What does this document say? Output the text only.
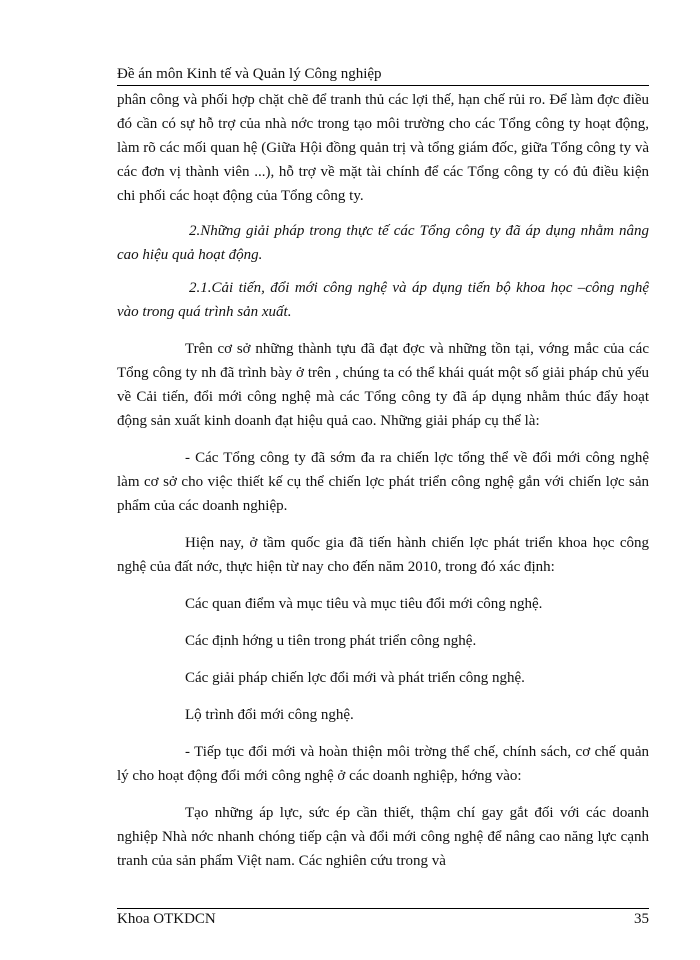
Đề án môn Kinh tế và Quản lý Công nghiệp

phân công và phối hợp chặt chẽ để tranh thủ các lợi thế, hạn chế rủi ro. Để làm đợc điều đó cần có sự hỗ trợ của nhà nớc trong tạo môi trường cho các Tổng công ty hoạt động, làm rõ các mối quan hệ (Giữa Hội đồng quản trị và tổng giám đốc, giữa Tổng công ty và các đơn vị thành viên ...), hỗ trợ về mặt tài chính để các Tổng công ty có đủ điều kiện chi phối các hoạt động của Tổng công ty.

2.Những giải pháp trong thực tế các Tổng công ty đã áp dụng nhằm nâng cao hiệu quả hoạt động.

2.1.Cải tiến, đổi mới công nghệ và áp dụng tiến bộ khoa học –công nghệ vào trong quá trình sản xuất.

Trên cơ sở những thành tựu đã đạt đợc và những tồn tại, vớng mắc của các Tổng công ty nh đã trình bày ở trên , chúng ta có thể khái quát một số giải pháp chủ yếu về Cải tiến, đổi mới công nghệ mà các Tổng công ty đã áp dụng nhằm thúc đẩy hoạt động sản xuất kinh doanh đạt hiệu quả cao. Những giải pháp cụ thể là:

- Các Tổng công ty đã sớm đa ra chiến lợc tổng thể về đổi mới công nghệ làm cơ sở cho việc thiết kế cụ thể chiến lợc phát triển công nghệ gắn với chiến lợc sản phẩm của các doanh nghiệp.

Hiện nay, ở tầm quốc gia đã tiến hành chiến lợc phát triển khoa học công nghệ của đất nớc, thực hiện từ nay cho đến năm 2010, trong đó xác định:

Các quan điểm và mục tiêu và mục tiêu đổi mới công nghệ.

Các định hớng u tiên trong phát triển công nghệ.

Các giải pháp chiến lợc đổi mới và phát triển công nghệ.

Lộ trình đổi mới công nghệ.

- Tiếp tục đổi mới và hoàn thiện môi trờng thể chế, chính sách, cơ chế quản lý cho hoạt động đổi mới công nghệ ở các doanh nghiệp, hớng vào:

Tạo những áp lực, sức ép cần thiết, thậm chí gay gắt đối với các doanh nghiệp Nhà nớc nhanh chóng tiếp cận và đổi mới công nghệ để nâng cao năng lực cạnh tranh của sản phẩm Việt nam. Các nghiên cứu trong và

Khoa OTKDCN	35
